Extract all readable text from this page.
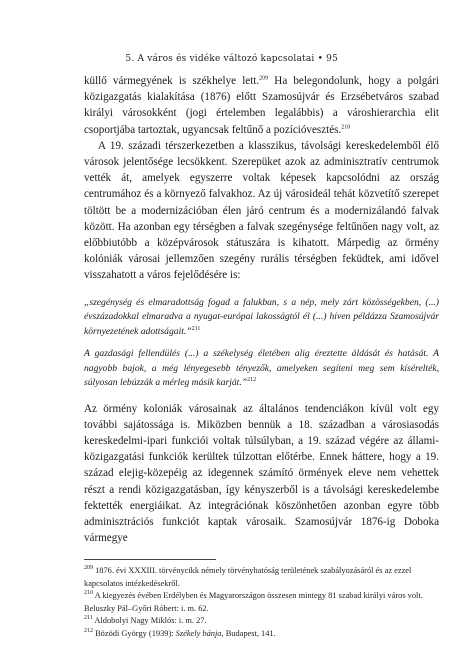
5. A város és vidéke változó kapcsolatai • 95

küllő vármegyének is székhelye lett.$^{209}$ Ha belegondolunk, hogy a polgári közigazgatás kialakítása (1876) előtt Szamosújvár és Erzsébetváros szabad királyi városokként (jogi értelemben legalábbis) a városhierarchia elit csoportjába tartoztak, ugyancsak feltűnő a pozícióvesztés.$^{210}$

A 19. századi térszerkezetben a klasszikus, távolsági kereskedelemből élő városok jelentősége lecsökkent. Szerepüket azok az adminisztratív centrumok vették át, amelyek egyszerre voltak képesek kapcsolódni az ország centrumához és a környező falvakhoz. Az új városideál tehát közvetítő szerepet töltött be a modernizációban élen járó centrum és a modernizálandó falvak között. Ha azonban egy térségben a falvak szegénysége feltűnően nagy volt, az előbbiutóbb a középvárosok státuszára is kihatott. Márpedig az örmény kolóniák városai jellemzően szegény rurális térségben feküdtek, ami idővel visszahatott a város fejelődésére is:

„szegénység és elmaradottság fogad a falukban, s a nép, mely zárt közösségekben, (...) évszázadokkal elmaradva a nyugat-európai lakosságtól él (...) híven példázza Szamosújvár környezetének adottságait.”$^{211}$

A gazdasági fellendülés (...) a székelység életében alig éreztette áldását és hatását. A nagyobb bajok, a még lényegesebb tényezők, amelyeken segíteni meg sem kísérelték, súlyosan lebúzzák a mérleg másik karját.”$^{212}$

Az örmény koloniák városainak az általános tendenciákon kívül volt egy további sajátossága is. Miközben bennük a 18. században a városiasodás kereskedelmi-ipari funkciói voltak túlsúlyban, a 19. század végére az állami-közigazgatási funkciók kerültek túlzottan előtérbe. Ennek háttere, hogy a 19. század elejig-közepéig az idegennek számító örmények eleve nem vehettek részt a rendi közigazgatásban, így kényszerből is a távolsági kereskedelembe fektették energiáikat. Az integrációnak köszönhetően azonban egyre több adminisztrációs funkciót kaptak városaik. Szamosújvár 1876-ig Doboka vármegye

$^{209}$ 1876. évi XXXIII. törvénycikk némely törvényhatóság területének szabályozásáról és az ezzel kapcsolatos intézkedésekről.

$^{210}$ A kiegyezés évében Erdélyben és Magyarországon összesen mintegy 81 szabad királyi város volt. Beluszky Pál–Győri Róbert: i. m. 62.

$^{211}$ Aldobolyi Nagy Miklós: i. m. 27.

$^{212}$ Bözödi György (1939): Székely bánja, Budapest, 141.
